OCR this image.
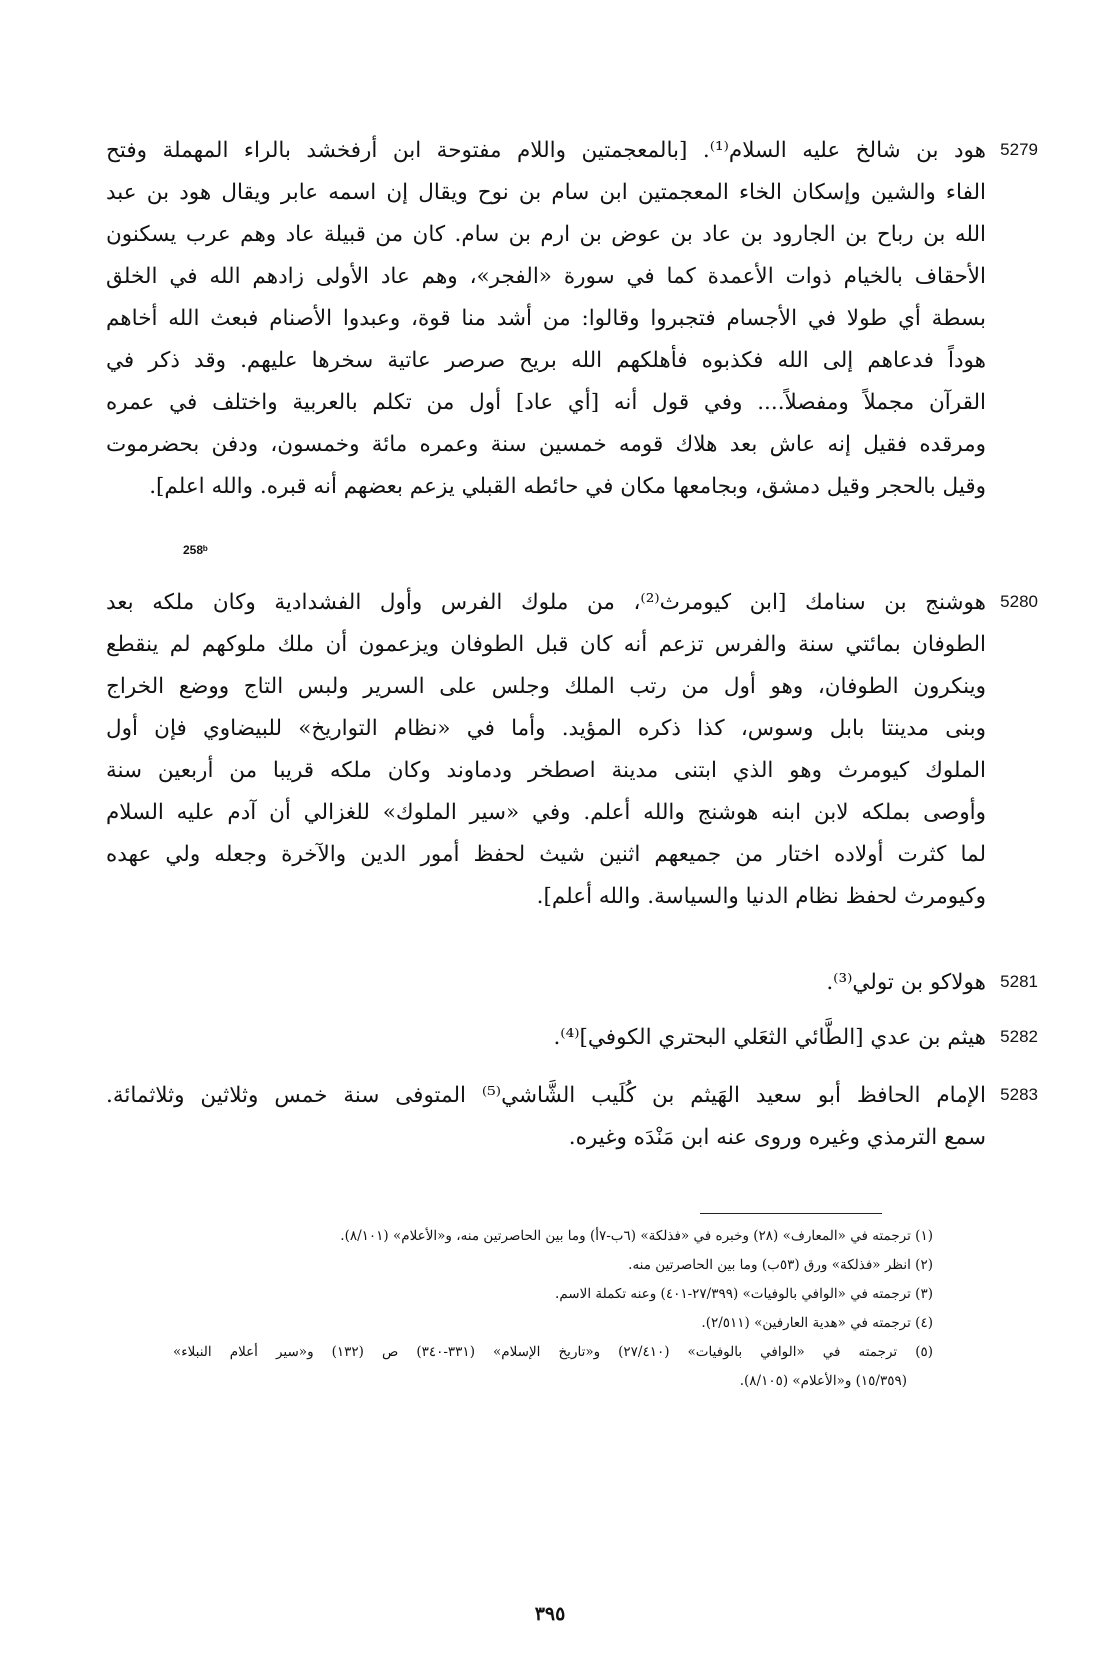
5279
هود بن شالخ عليه السلام⁽¹⁾. [بالمعجمتين واللام مفتوحة ابن أرفخشد بالراء المهملة وفتح
الفاء والشين وإسكان الخاء المعجمتين ابن سام بن نوح ويقال إن اسمه عابر ويقال هود بن عبد
الله بن رباح بن الجارود بن عاد بن عوض بن ارم بن سام. كان من قبيلة عاد وهم عرب يسكنون
الأحقاف بالخيام ذوات الأعمدة كما في سورة «الفجر»، وهم عاد الأولى زادهم الله في الخلق
بسطة أي طولا في الأجسام فتجبروا وقالوا: من أشد منا قوة، وعبدوا الأصنام فبعث الله أخاهم
هوداً فدعاهم إلى الله فكذبوه فأهلكهم الله بريح صرصر عاتية سخرها عليهم. وقد ذكر في
القرآن مجملاً ومفصلاً.... وفي قول أنه [أي عاد] أول من تكلم بالعربية واختلف في عمره
ومرقده فقيل إنه عاش بعد هلاك قومه خمسين سنة وعمره مائة وخمسون، ودفن بحضرموت
وقيل بالحجر وقيل دمشق، وبجامعها مكان في حائطه القبلي يزعم بعضهم أنه قبره. والله اعلم].
258ᵇ
5280
هوشنج بن سنامك [ابن كيومرث⁽²⁾، من ملوك الفرس وأول الفشدادية وكان ملكه بعد
الطوفان بمائتي سنة والفرس تزعم أنه كان قبل الطوفان ويزعمون أن ملك ملوكهم لم ينقطع
وينكرون الطوفان، وهو أول من رتب الملك وجلس على السرير ولبس التاج ووضع الخراج
وبنى مدينتا بابل وسوس، كذا ذكره المؤيد. وأما في «نظام التواريخ» للبيضاوي فإن أول
الملوك كيومرث وهو الذي ابتنى مدينة اصطخر ودماوند وكان ملكه قريبا من أربعين سنة
وأوصى بملكه لابن ابنه هوشنج والله أعلم. وفي «سير الملوك» للغزالي أن آدم عليه السلام
لما كثرت أولاده اختار من جميعهم اثنين شيث لحفظ أمور الدين والآخرة وجعله ولي عهده
وكيومرث لحفظ نظام الدنيا والسياسة. والله أعلم].
5281
هولاكو بن تولي⁽³⁾.
5282
هيثم بن عدي [الطَّائي الثعَلي البحتري الكوفي]⁽⁴⁾.
5283
الإمام الحافظ أبو سعيد الهَيثم بن كُلَيب الشَّاشي⁽⁵⁾ المتوفى سنة خمس وثلاثين وثلاثمائة.
سمع الترمذي وغيره وروى عنه ابن مَنْدَه وغيره.
(١) ترجمته في «المعارف» (٢٨) وخبره في «فذلكة» (٦ب-٧أ) وما بين الحاصرتين منه، و«الأعلام» (٨/١٠١).
(٢) انظر «فذلكة» ورق (٥٣ب) وما بين الحاصرتين منه.
(٣) ترجمته في «الوافي بالوفيات» (٢٧/٣٩٩-٤٠١) وعنه تكملة الاسم.
(٤) ترجمته في «هدية العارفين» (٢/٥١١).
(٥) ترجمته في «الوافي بالوفيات» (٢٧/٤١٠) و«تاريخ الإسلام» (٣٣١-٣٤٠) ص (١٣٢) و«سير أعلام النبلاء»
(١٥/٣٥٩) و«الأعلام» (٨/١٠٥).
٣٩٥
